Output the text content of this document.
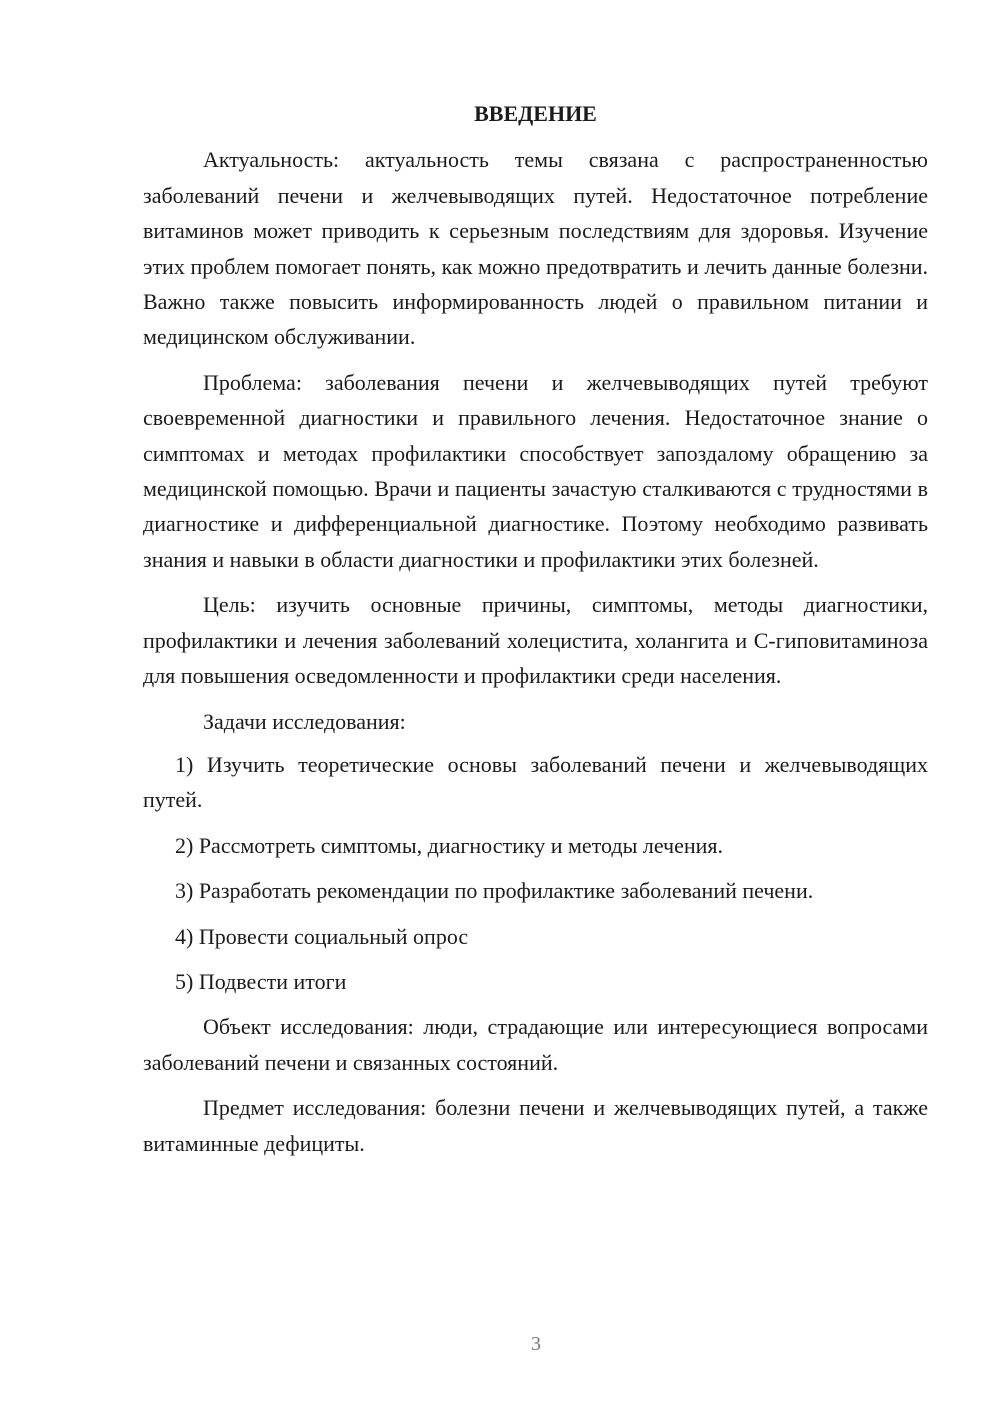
ВВЕДЕНИЕ

Актуальность: актуальность темы связана с распространенностью заболеваний печени и желчевыводящих путей. Недостаточное потребление витаминов может приводить к серьезным последствиям для здоровья. Изучение этих проблем помогает понять, как можно предотвратить и лечить данные болезни. Важно также повысить информированность людей о правильном питании и медицинском обслуживании.

Проблема: заболевания печени и желчевыводящих путей требуют своевременной диагностики и правильного лечения. Недостаточное знание о симптомах и методах профилактики способствует запоздалому обращению за медицинской помощью. Врачи и пациенты зачастую сталкиваются с трудностями в диагностике и дифференциальной диагностике. Поэтому необходимо развивать знания и навыки в области диагностики и профилактики этих болезней.

Цель: изучить основные причины, симптомы, методы диагностики, профилактики и лечения заболеваний холецистита, холангита и С-гиповитаминоза для повышения осведомленности и профилактики среди населения.

Задачи исследования:

1) Изучить теоретические основы заболеваний печени и желчевыводящих путей.

2) Рассмотреть симптомы, диагностику и методы лечения.

3) Разработать рекомендации по профилактике заболеваний печени.

4) Провести социальный опрос

5) Подвести итоги

Объект исследования: люди, страдающие или интересующиеся вопросами заболеваний печени и связанных состояний.

Предмет исследования: болезни печени и желчевыводящих путей, а также витаминные дефициты.

3
